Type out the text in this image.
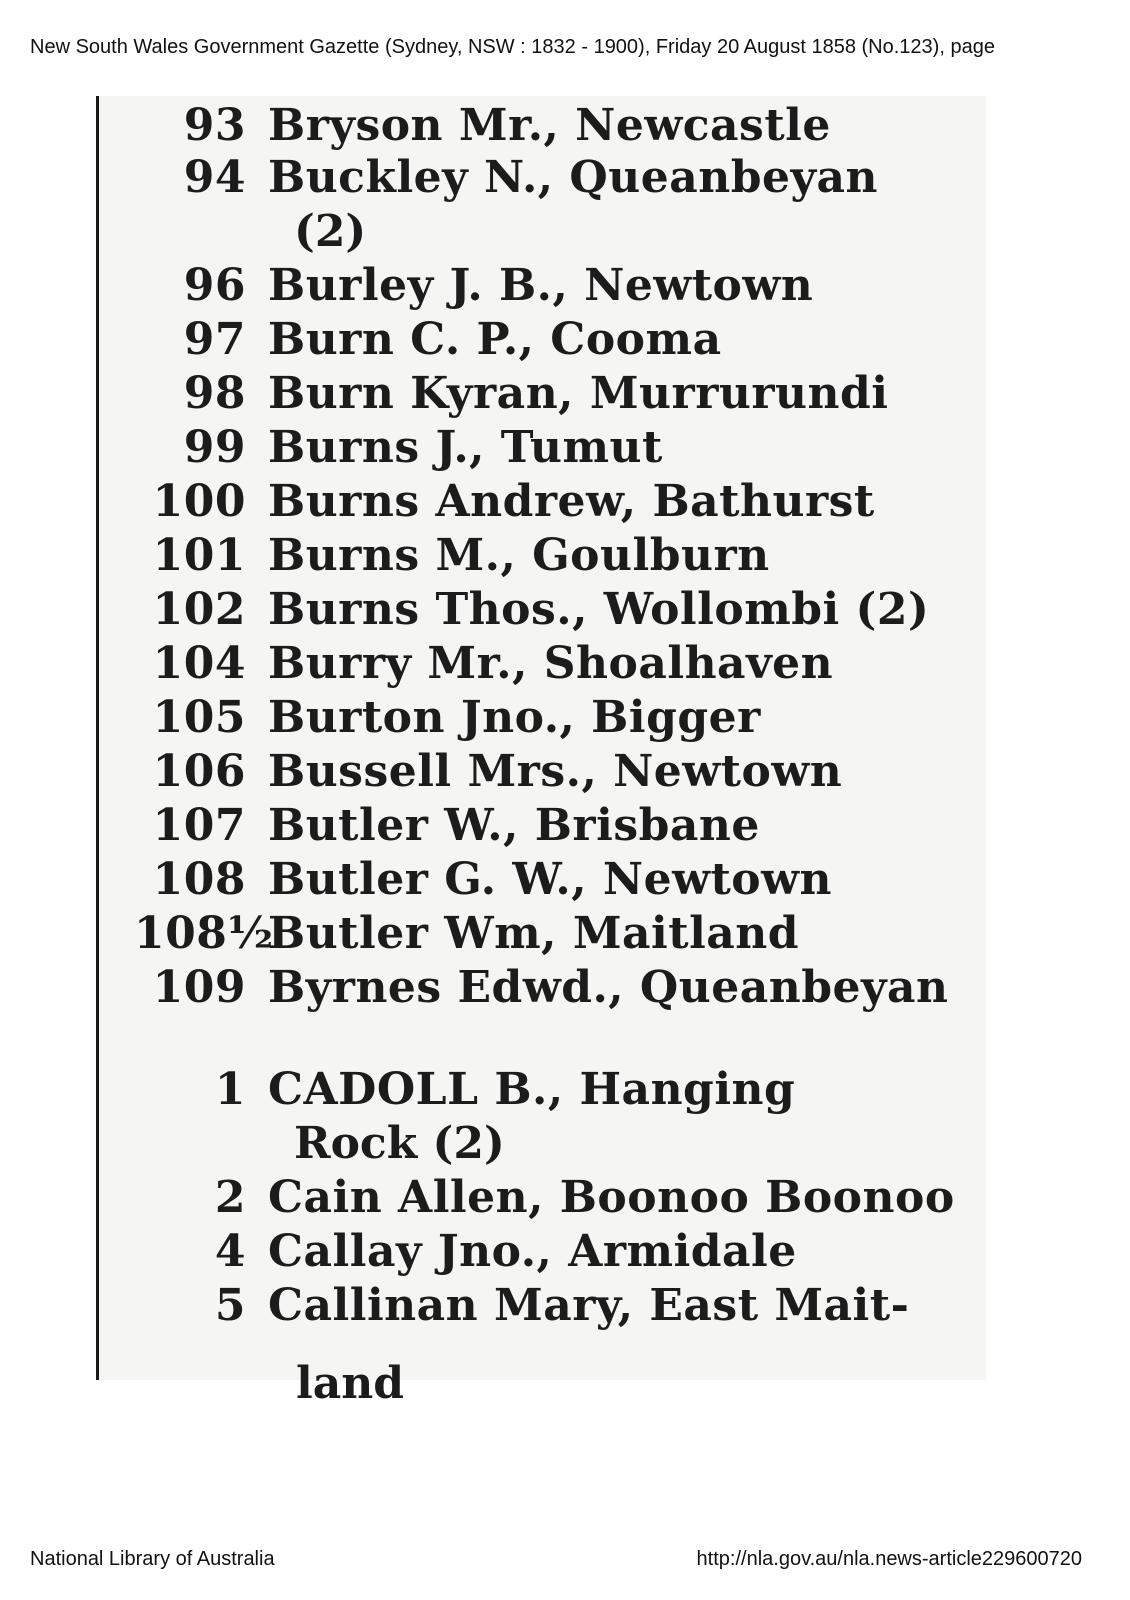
New South Wales Government Gazette (Sydney, NSW : 1832 - 1900), Friday 20 August 1858 (No.123), page
93 Bryson Mr., Newcastle
94 Buckley N., Queanbeyan
(2)
96 Burley J. B., Newtown
97 Burn C. P., Cooma
98 Burn Kyran, Murrurundi
99 Burns J., Tumut
100 Burns Andrew, Bathurst
101 Burns M., Goulburn
102 Burns Thos., Wollombi (2)
104 Burry Mr., Shoalhaven
105 Burton Jno., Bigger
106 Bussell Mrs., Newtown
107 Butler W., Brisbane
108 Butler G. W., Newtown
108½Butler Wm, Maitland
109 Byrnes Edwd., Queanbeyan
1 CADOLL B., Hanging
Rock (2)
2 Cain Allen, Boonoo Boonoo
4 Callay Jno., Armidale
5 Callinan Mary, East Mait-
land
National Library of Australia	http://nla.gov.au/nla.news-article229600720
